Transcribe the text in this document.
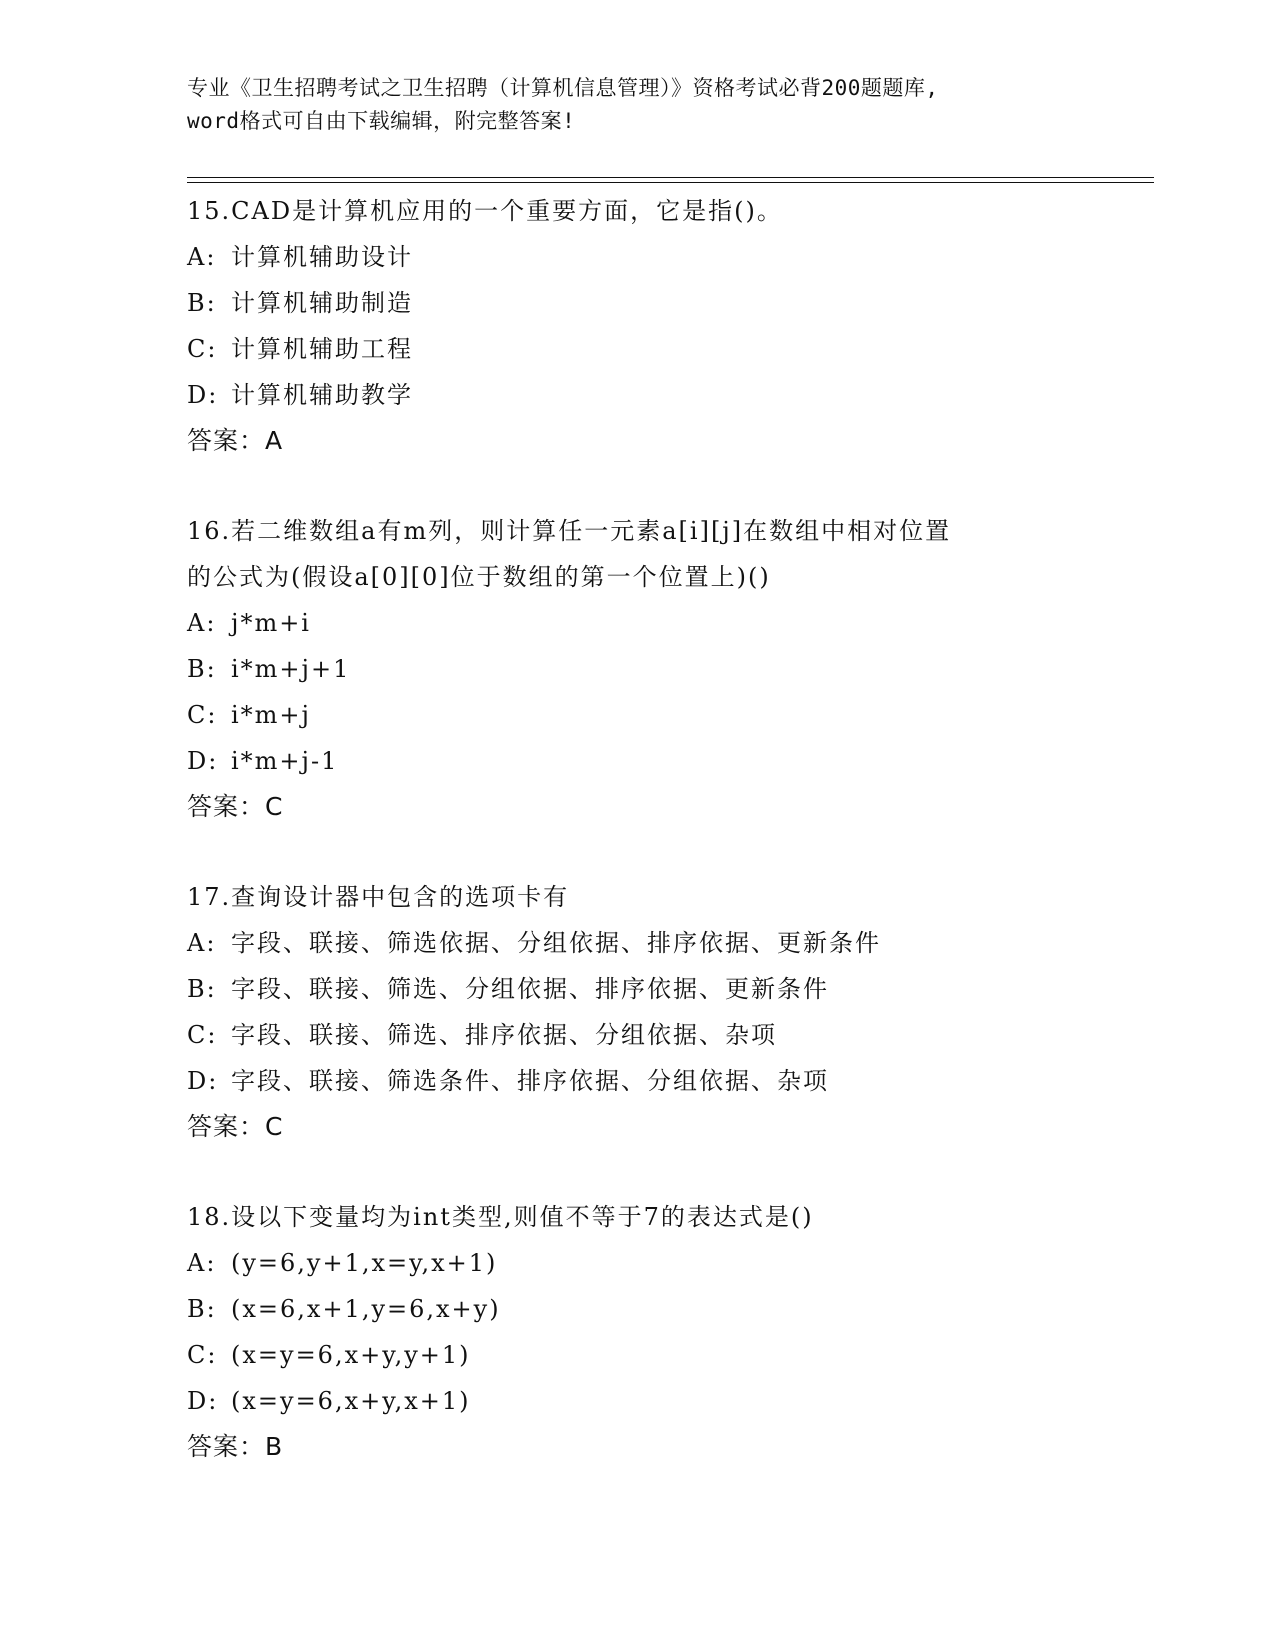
专业《卫生招聘考试之卫生招聘（计算机信息管理）》资格考试必背200题题库,

word格式可自由下载编辑，附完整答案!

15.CAD是计算机应用的一个重要方面，它是指()。
A: 计算机辅助设计
B: 计算机辅助制造
C: 计算机辅助工程
D: 计算机辅助教学
答案：A
16.若二维数组a有m列，则计算任一元素a[i][j]在数组中相对位置
的公式为(假设a[0][0]位于数组的第一个位置上)()
A: j*m+i
B: i*m+j+1
C: i*m+j
D: i*m+j-1
答案：C
17.查询设计器中包含的选项卡有
A: 字段、联接、筛选依据、分组依据、排序依据、更新条件
B: 字段、联接、筛选、分组依据、排序依据、更新条件
C: 字段、联接、筛选、排序依据、分组依据、杂项
D: 字段、联接、筛选条件、排序依据、分组依据、杂项
答案：C
18.设以下变量均为int类型,则值不等于7的表达式是()
A: (y=6,y+1,x=y,x+1)
B: (x=6,x+1,y=6,x+y)
C: (x=y=6,x+y,y+1)
D: (x=y=6,x+y,x+1)
答案：B
